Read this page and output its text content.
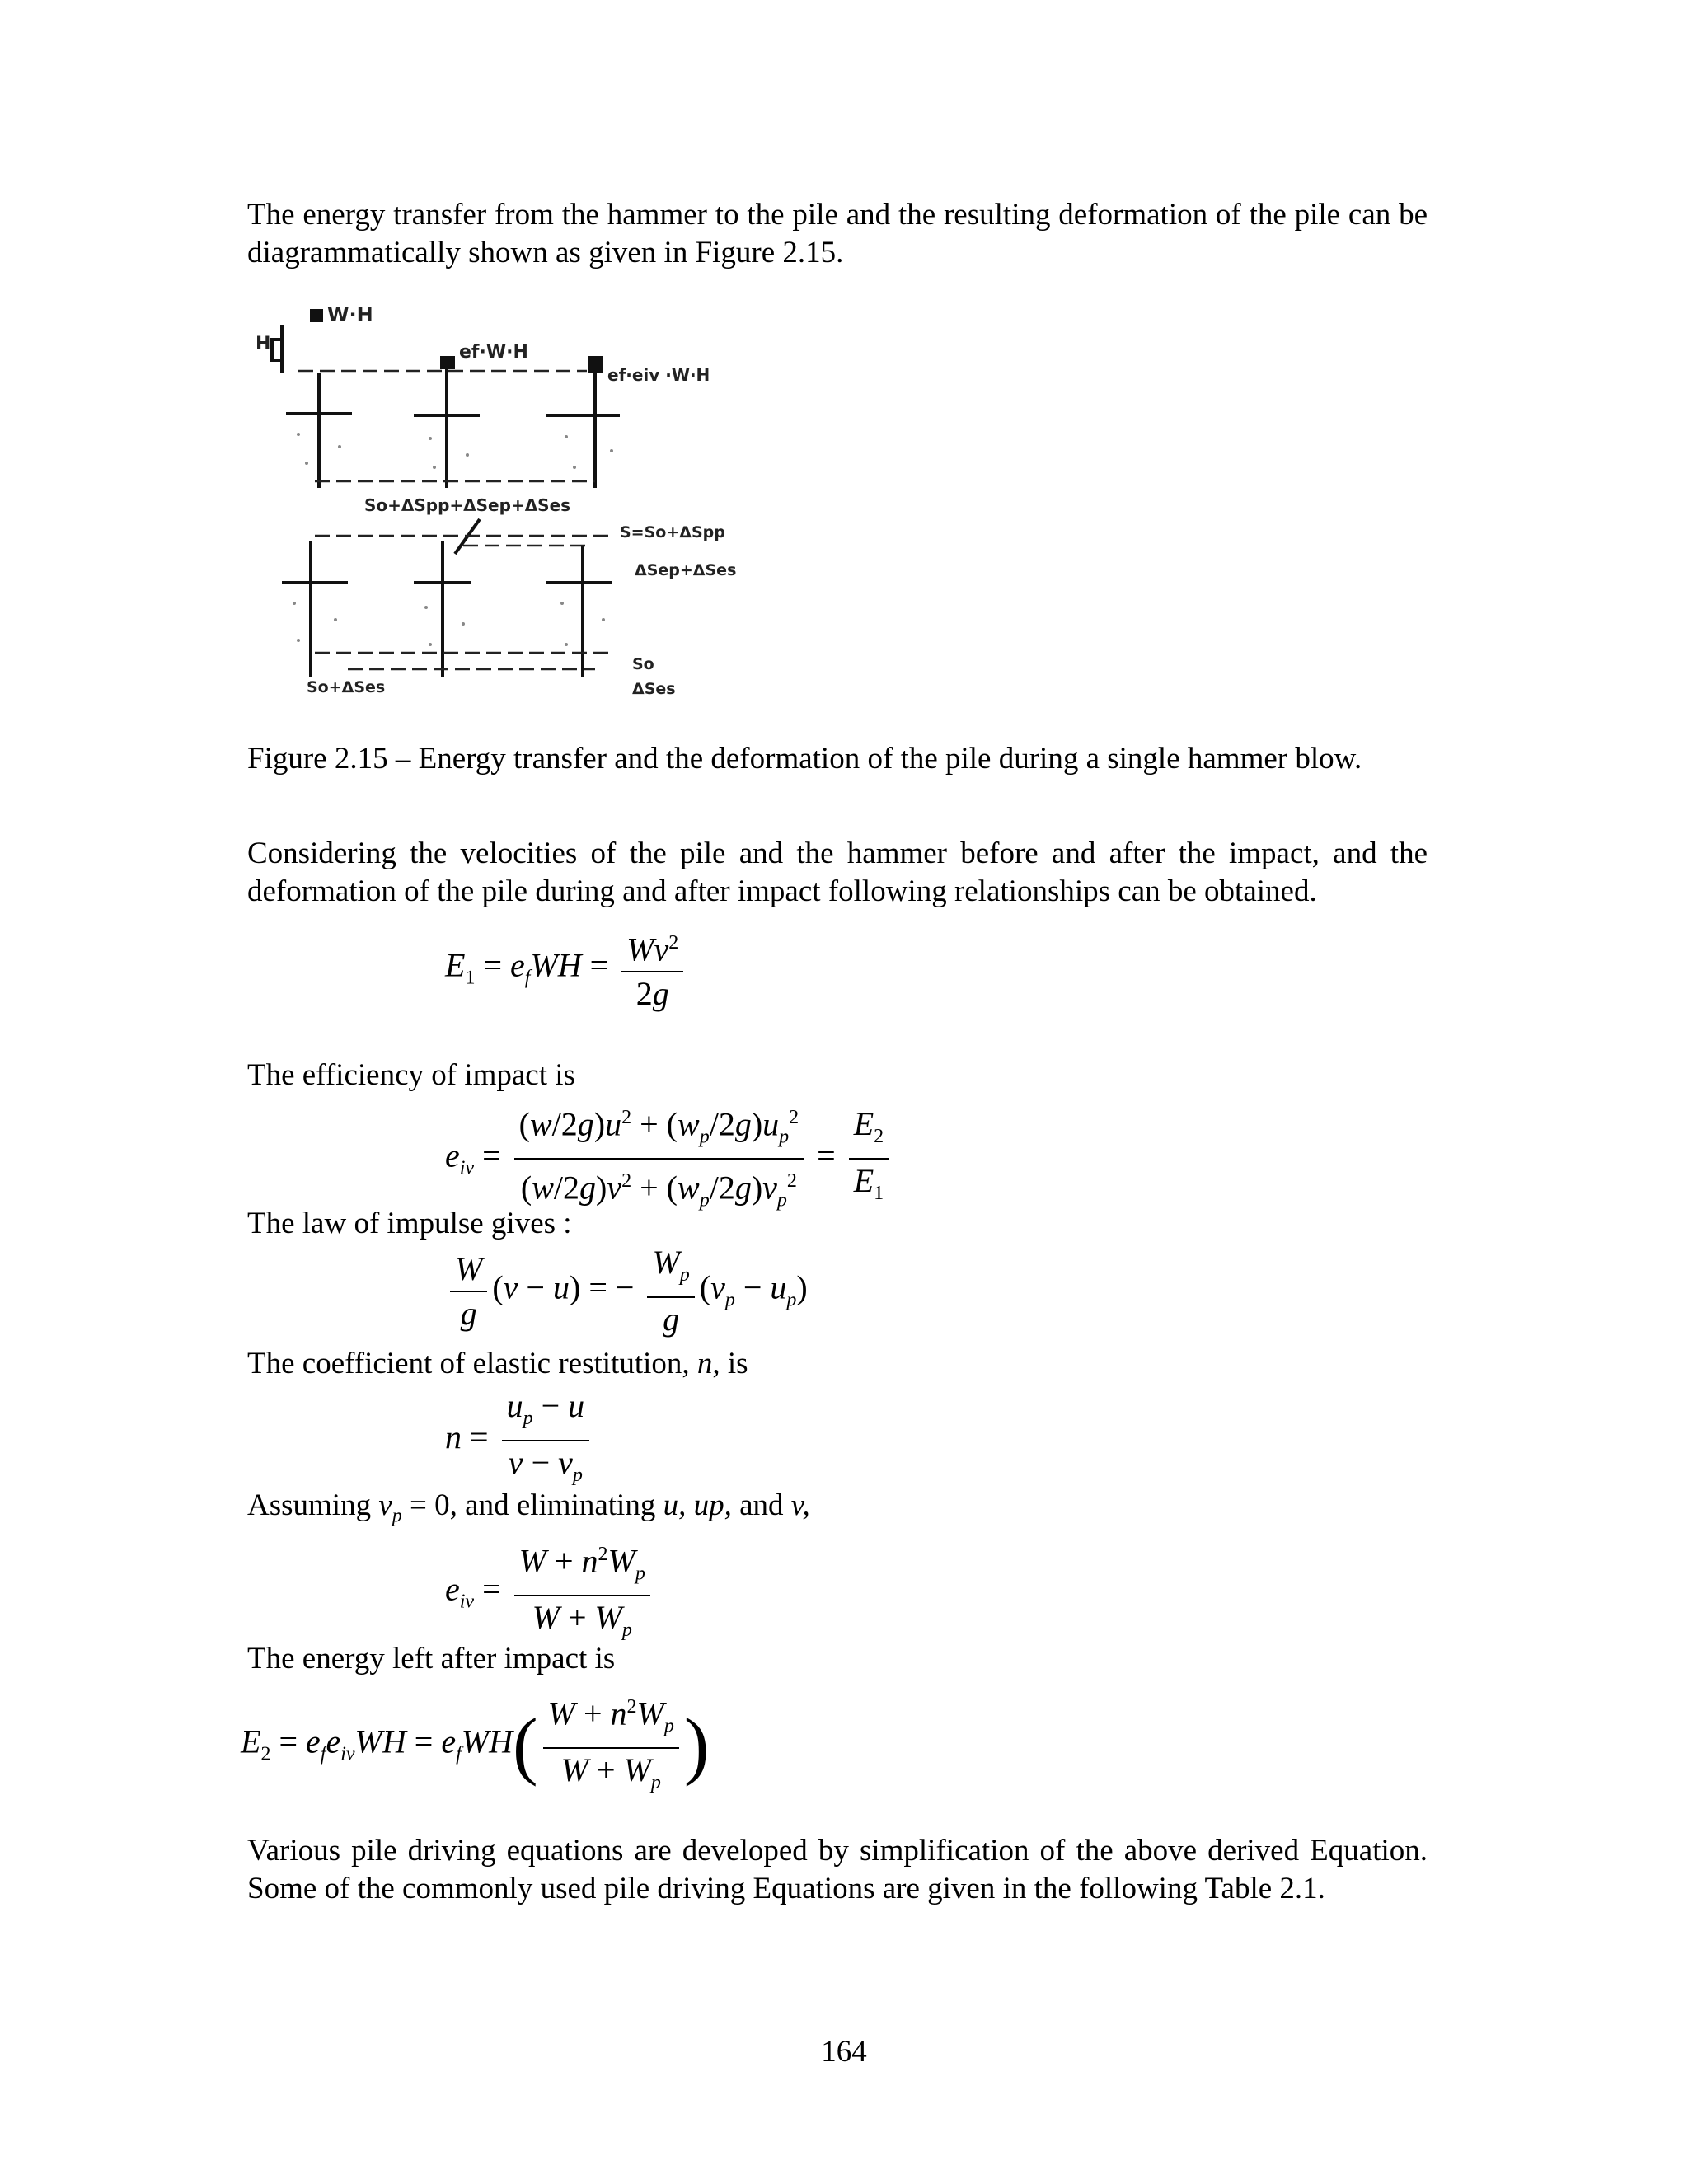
The energy transfer from the hammer to the pile and the resulting deformation of the pile can be diagrammatically shown as given in Figure 2.15.

H
W·H
ef·W·H
ef·eiv ·W·H
So+ΔSpp+ΔSep+ΔSes
S=So+ΔSpp
ΔSep+ΔSes
So+ΔSes
So
ΔSes

Figure 2.15 – Energy transfer and the deformation of the pile during a single hammer blow.

Considering the velocities of the pile and the hammer before and after the impact, and the deformation of the pile during and after impact following relationships can be obtained.

$E_1 = e_fWH = \frac{Wv^2}{2g}$

The efficiency of impact is

$e_{iv} = \frac{(w/2g)u^2 + (w_p/2g)u_p^2}{(w/2g)v^2 + (w_p/2g)v_p^2} = \frac{E_2}{E_1}$

The law of impulse gives :

$\frac{W}{g} (v - u)$ = − $\frac{W_p}{g} (v_p - u_p)$

The coefficient of elastic restitution, n, is

$n = \frac{u_p - u}{v - v_p}$

Assuming $v_p = 0$, and eliminating u, up, and v,

$e_{iv} = \frac{W + n^2W_p}{W + W_p}$

The energy left after impact is

$E_2 = e_fe_{iv}WH = e_fWH( \frac{W + n^2W_p}{W + W_p}$ )

Various pile driving equations are developed by simplification of the above derived Equation. Some of the commonly used pile driving Equations are given in the following Table 2.1.

164
